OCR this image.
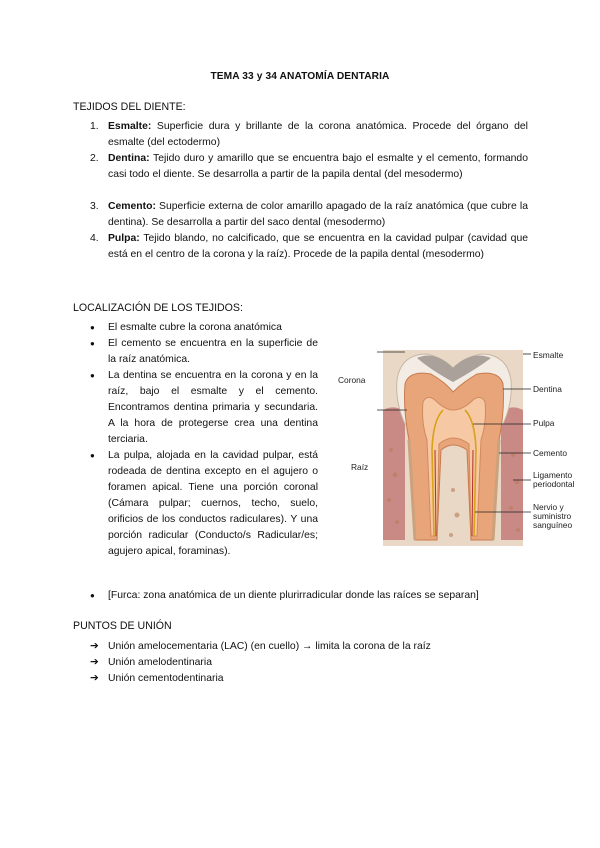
TEMA 33 y 34 ANATOMÍA DENTARIA
TEJIDOS DEL DIENTE:
1. Esmalte: Superficie dura y brillante de la corona anatómica. Procede del órgano del esmalte (del ectodermo)
2. Dentina: Tejido duro y amarillo que se encuentra bajo el esmalte y el cemento, formando casi todo el diente. Se desarrolla a partir de la papila dental (del mesodermo)
3. Cemento: Superficie externa de color amarillo apagado de la raíz anatómica (que cubre la dentina). Se desarrolla a partir del saco dental (mesodermo)
4. Pulpa: Tejido blando, no calcificado, que se encuentra en la cavidad pulpar (cavidad que está en el centro de la corona y la raíz). Procede de la papila dental (mesodermo)
LOCALIZACIÓN DE LOS TEJIDOS:
● El esmalte cubre la corona anatómica
● El cemento se encuentra en la superficie de la raíz anatómica.
● La dentina se encuentra en la corona y en la raíz, bajo el esmalte y el cemento. Encontramos dentina primaria y secundaria. A la hora de protegerse crea una dentina terciaria.
● La pulpa, alojada en la cavidad pulpar, está rodeada de dentina excepto en el agujero o foramen apical. Tiene una porción coronal (Cámara pulpar; cuernos, techo, suelo, orificios de los conductos radiculares). Y una porción radicular (Conducto/s Radicular/es; agujero apical, foraminas).
● [Furca: zona anatómica de un diente plurirradicular donde las raíces se separan]
Corona
Raíz
Esmalte
Dentina
Pulpa
Cemento
Ligamento periodontal
Nervio y suministro sanguíneo
PUNTOS DE UNIÓN
➔ Unión amelocementaria (LAC) (en cuello) → limita la corona de la raíz
➔ Unión amelodentinaria
➔ Unión cementodentinaria
